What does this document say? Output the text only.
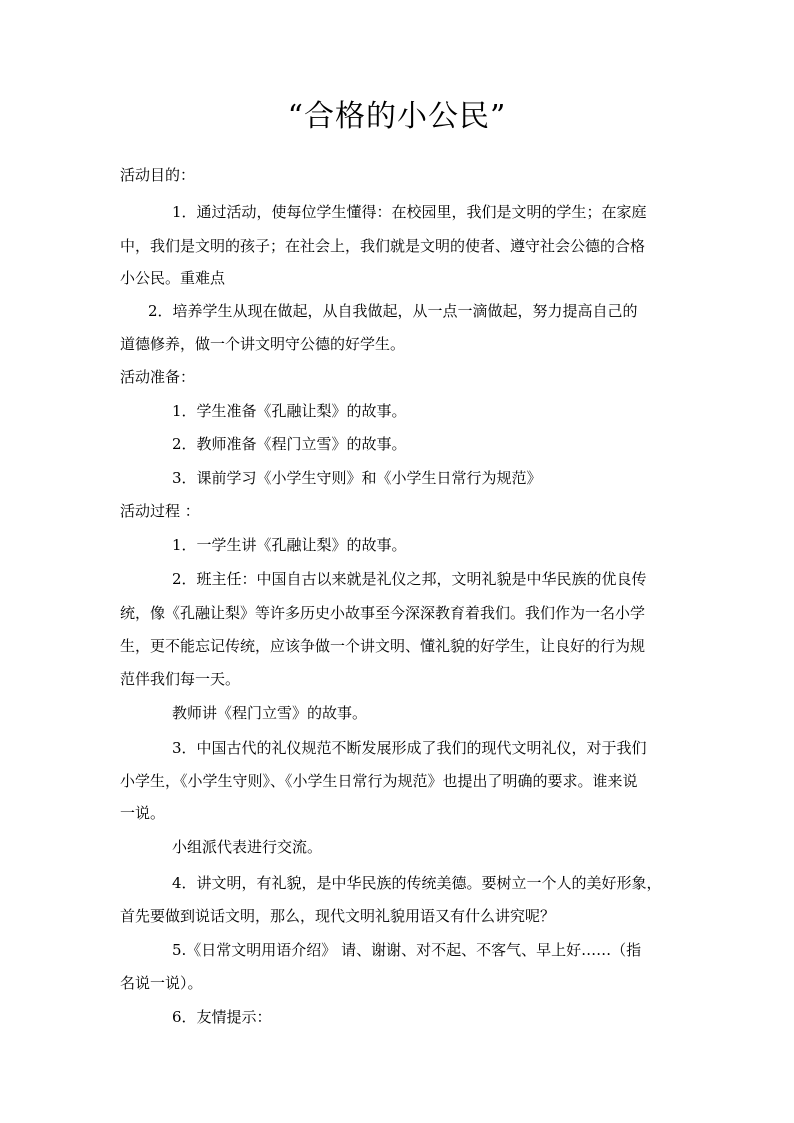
“合格的小公民”
活动目的：
1．通过活动，使每位学生懂得：在校园里，我们是文明的学生；在家庭
中，我们是文明的孩子；在社会上，我们就是文明的使者、遵守社会公德的合格
小公民。重难点
2．培养学生从现在做起，从自我做起，从一点一滴做起，努力提高自己的
道德修养，做一个讲文明守公德的好学生。
活动准备：
1．学生准备《孔融让梨》的故事。
2．教师准备《程门立雪》的故事。
3．课前学习《小学生守则》和《小学生日常行为规范》
活动过程 ：
1．一学生讲《孔融让梨》的故事。
2．班主任：中国自古以来就是礼仪之邦，文明礼貌是中华民族的优良传
统，像《孔融让梨》等许多历史小故事至今深深教育着我们。我们作为一名小学
生，更不能忘记传统，应该争做一个讲文明、懂礼貌的好学生，让良好的行为规
范伴我们每一天。
教师讲《程门立雪》的故事。
3．中国古代的礼仪规范不断发展形成了我们的现代文明礼仪，对于我们
小学生，《小学生守则》、《小学生日常行为规范》也提出了明确的要求。谁来说
一说。
小组派代表进行交流。
4．讲文明，有礼貌，是中华民族的传统美德。要树立一个人的美好形象，
首先要做到说话文明，那么，现代文明礼貌用语又有什么讲究呢？
5.《日常文明用语介绍》 请、谢谢、对不起、不客气、早上好……（指
名说一说）。
6．友情提示：
